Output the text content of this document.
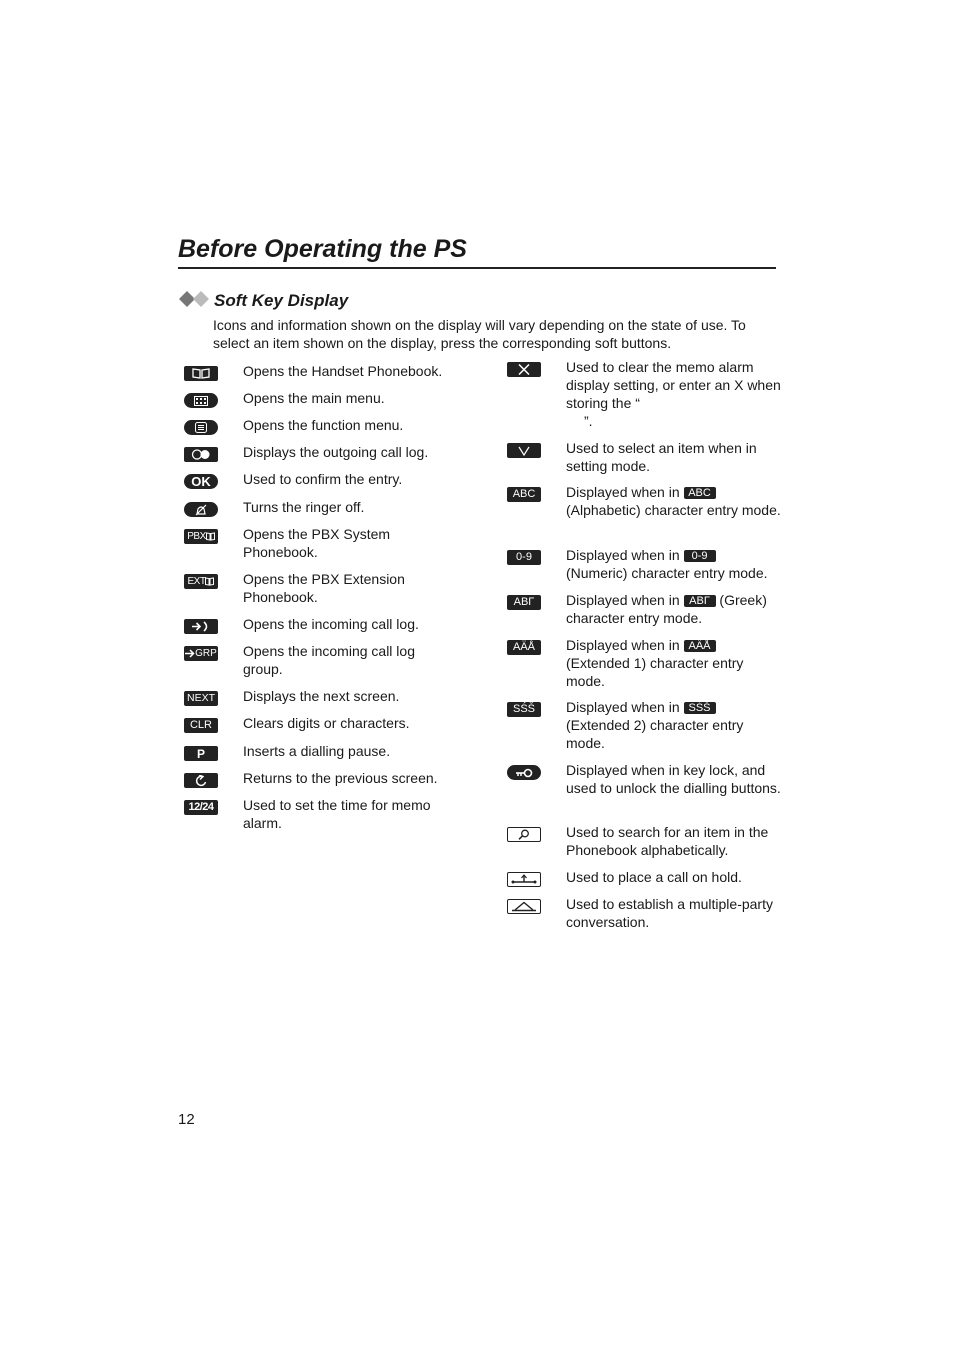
Before Operating the PS
Soft Key Display
Icons and information shown on the display will vary depending on the state of use. To select an item shown on the display, press the corresponding soft buttons.
Opens the Handset Phonebook.
Opens the main menu.
Opens the function menu.
Displays the outgoing call log.
OK	Used to confirm the entry.
Turns the ringer off.
PBX	Opens the PBX System Phonebook.
EXT	Opens the PBX Extension Phonebook.
Opens the incoming call log.
GRP Opens the incoming call log group.
NEXT Displays the next screen.
CLR	Clears digits or characters.
P	Inserts a dialling pause.
Returns to the previous screen.
12/24	Used to set the time for memo alarm.
Used to clear the memo alarm display setting, or enter an X when storing the “
”.
Used to select an item when in setting mode.
ABC	Displayed when in ABC
(Alphabetic) character entry mode.
0-9	Displayed when in 0-9
(Numeric) character entry mode.
ΑΒΓ	Displayed when in ΑΒΓ (Greek) character entry mode.
AÄÅ	Displayed when in AÄÅ
(Extended 1) character entry mode.
SŚŠ	Displayed when in SŚŠ
(Extended 2) character entry mode.
Displayed when in key lock, and used to unlock the dialling buttons.
Used to search for an item in the Phonebook alphabetically.
Used to place a call on hold.
Used to establish a multiple-party conversation.
12
